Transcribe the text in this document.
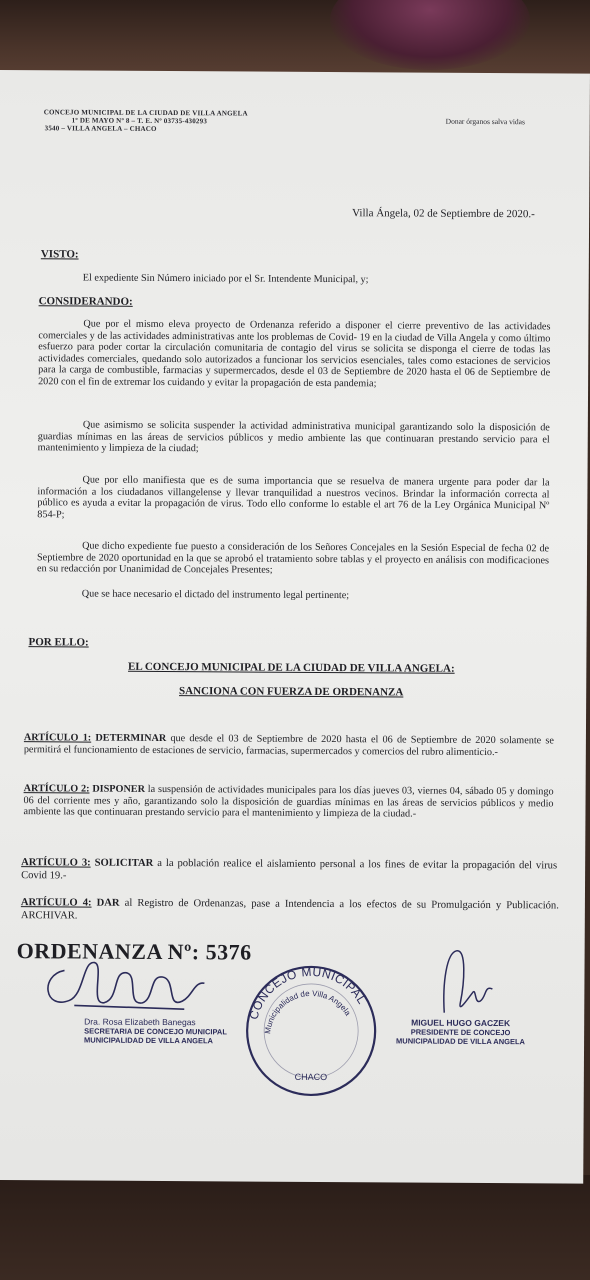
CONCEJO MUNICIPAL DE LA CIUDAD DE VILLA ANGELA
1º DE MAYO Nº 8 – T. E. Nº 03735-430293
3540 – VILLA ANGELA – CHACO
Donar órganos salva vidas
Villa Ángela, 02 de Septiembre de 2020.-
VISTO:

El expediente Sin Número iniciado por el Sr. Intendente Municipal, y;

CONSIDERANDO:

Que por el mismo eleva proyecto de Ordenanza referido a disponer el cierre preventivo de las actividades comerciales y de las actividades administrativas ante los problemas de Covid- 19 en la ciudad de Villa Angela y como último esfuerzo para poder cortar la circulación comunitaria de contagio del virus se solicita se disponga el cierre de todas las actividades comerciales, quedando solo autorizados a funcionar los servicios esenciales, tales como estaciones de servicios para la carga de combustible, farmacias y supermercados, desde el 03 de Septiembre de 2020 hasta el 06 de Septiembre de 2020 con el fin de extremar los cuidando y evitar la propagación de esta pandemia;

Que asimismo se solicita suspender la actividad administrativa municipal garantizando solo la disposición de guardias mínimas en las áreas de servicios públicos y medio ambiente las que continuaran prestando servicio para el mantenimiento y limpieza de la ciudad;

Que por ello manifiesta que es de suma importancia que se resuelva de manera urgente para poder dar la información a los ciudadanos villangelense y llevar tranquilidad a nuestros vecinos. Brindar la información correcta al público es ayuda a evitar la propagación de virus. Todo ello conforme lo estable el art 76 de la Ley Orgánica Municipal Nº 854-P;

Que dicho expediente fue puesto a consideración de los Señores Concejales en la Sesión Especial de fecha 02 de Septiembre de 2020 oportunidad en la que se aprobó el tratamiento sobre tablas y el proyecto en análisis con modificaciones en su redacción por Unanimidad de Concejales Presentes;

Que se hace necesario el dictado del instrumento legal pertinente;

POR ELLO:
EL CONCEJO MUNICIPAL DE LA CIUDAD DE VILLA ANGELA:
SANCIONA CON FUERZA DE ORDENANZA

ARTÍCULO 1: DETERMINAR que desde el 03 de Septiembre de 2020 hasta el 06 de Septiembre de 2020 solamente se permitirá el funcionamiento de estaciones de servicio, farmacias, supermercados y comercios del rubro alimenticio.-

ARTÍCULO 2: DISPONER la suspensión de actividades municipales para los días jueves 03, viernes 04, sábado 05 y domingo 06 del corriente mes y año, garantizando solo la disposición de guardias mínimas en las áreas de servicios públicos y medio ambiente las que continuaran prestando servicio para el mantenimiento y limpieza de la ciudad.-

ARTÍCULO 3: SOLICITAR a la población realice el aislamiento personal a los fines de evitar la propagación del virus Covid 19.-

ARTÍCULO 4: DAR al Registro de Ordenanzas, pase a Intendencia a los efectos de su Promulgación y Publicación. ARCHIVAR.

ORDENANZA Nº: 5376
Dra. Rosa Elizabeth Banegas
SECRETARIA DE CONCEJO MUNICIPAL
MUNICIPALIDAD DE VILLA ANGELA
CONCEJO MUNICIPAL
Municipalidad de Villa Angela
CHACO
MIGUEL HUGO GACZEK
PRESIDENTE DE CONCEJO
MUNICIPALIDAD DE VILLA ANGELA
